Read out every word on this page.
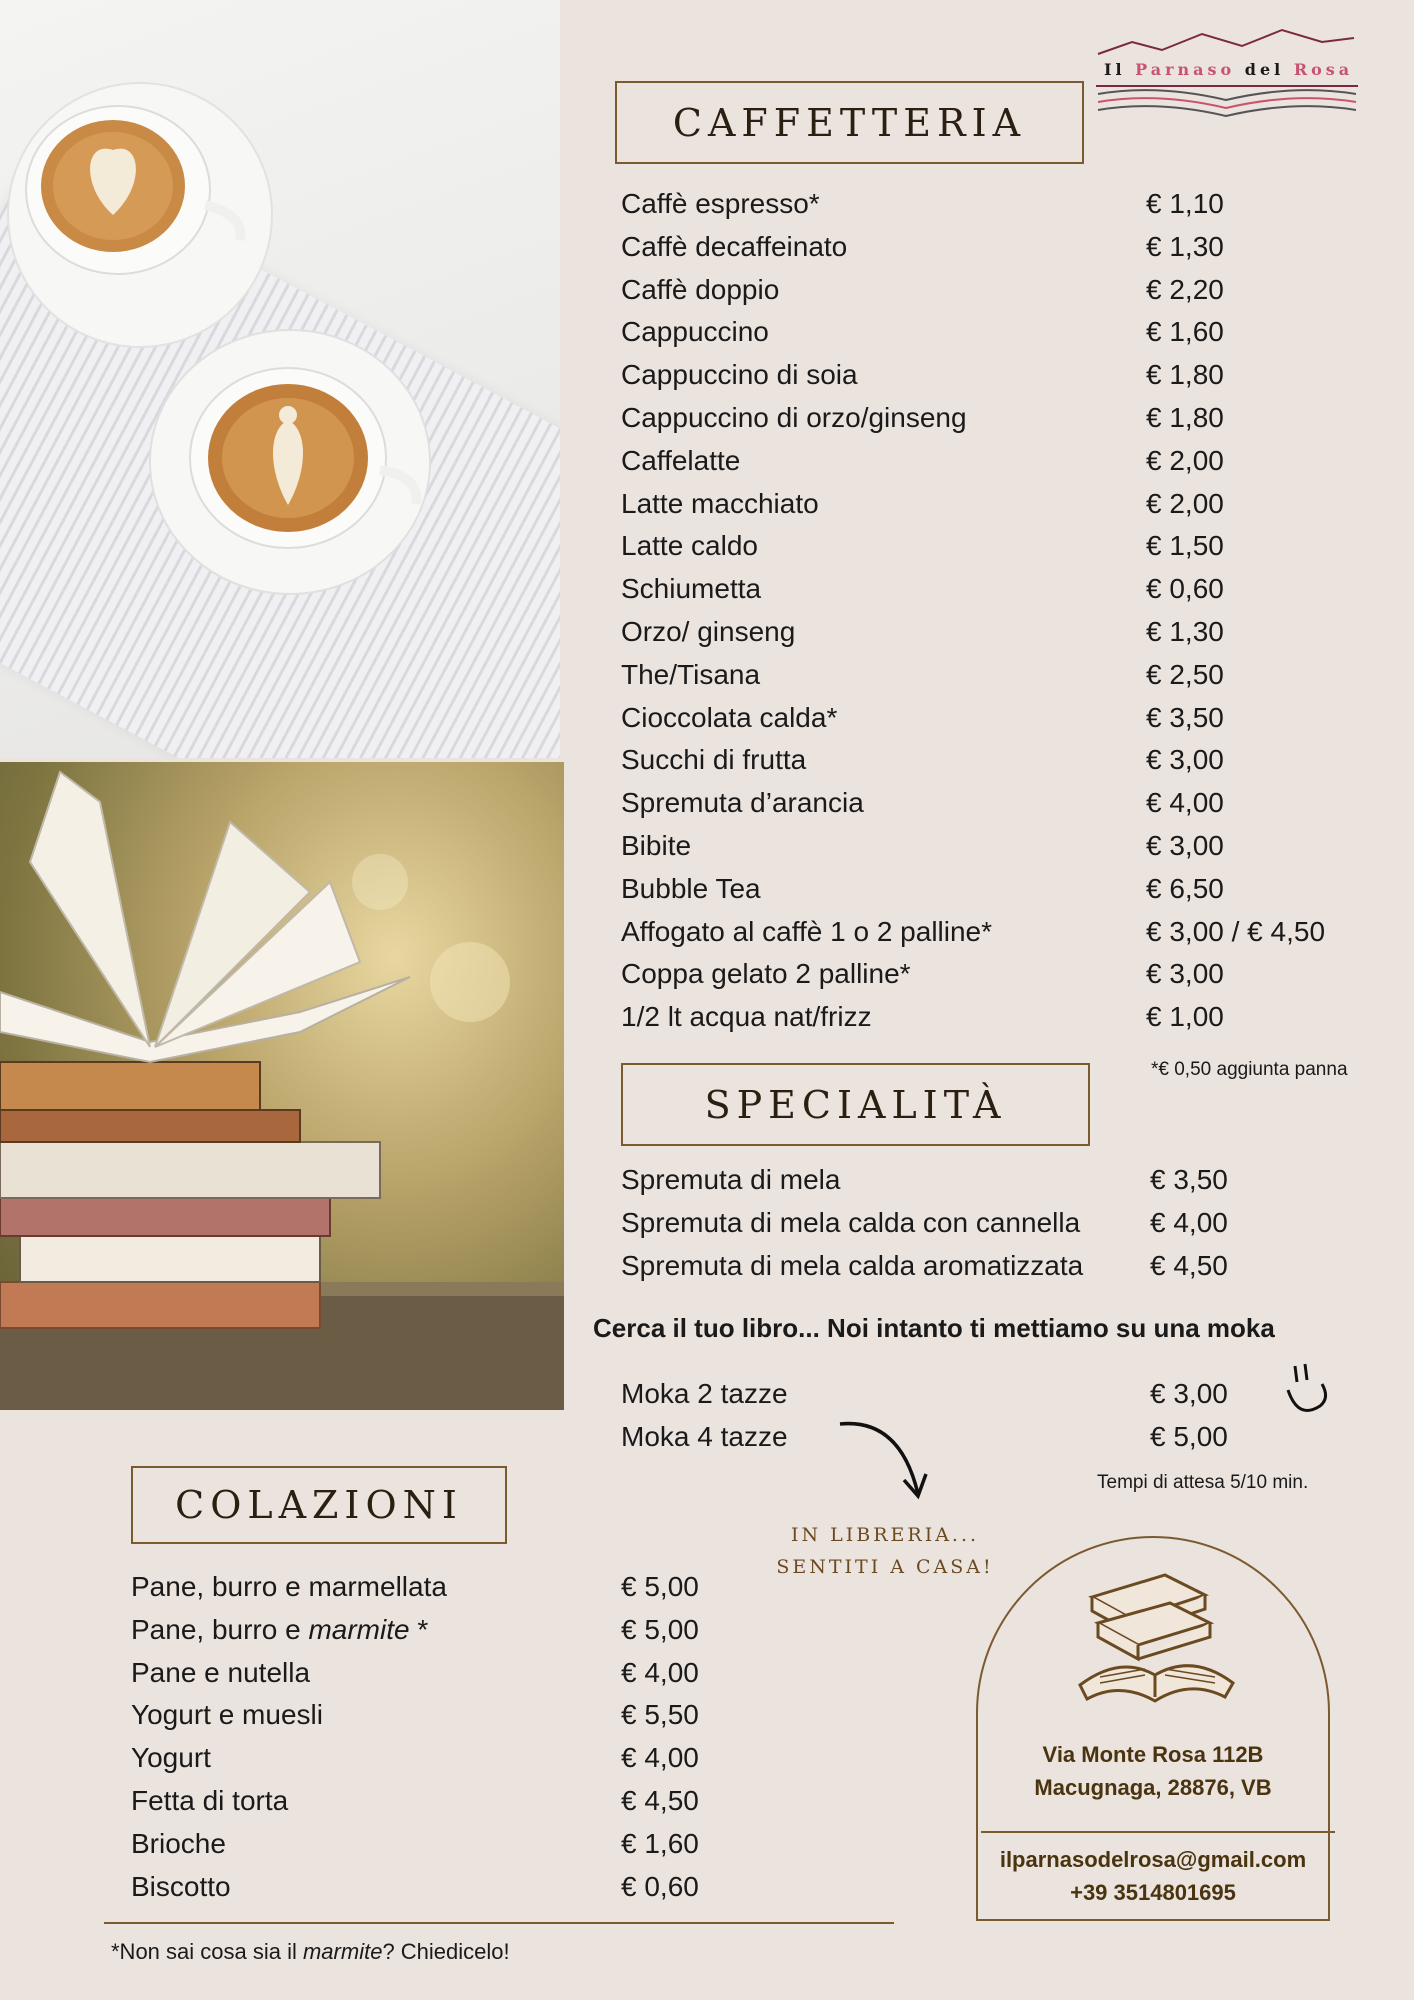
Il Parnaso del Rosa
CAFFETTERIA
Caffè espresso*	€ 1,10
Caffè decaffeinato	€ 1,30
Caffè doppio	€ 2,20
Cappuccino	€ 1,60
Cappuccino di soia	€ 1,80
Cappuccino di orzo/ginseng	€ 1,80
Caffelatte	€ 2,00
Latte macchiato	€ 2,00
Latte caldo	€ 1,50
Schiumetta	€ 0,60
Orzo/ ginseng	€ 1,30
The/Tisana	€ 2,50
Cioccolata calda*	€ 3,50
Succhi di frutta	€ 3,00
Spremuta d’arancia	€ 4,00
Bibite	€ 3,00
Bubble Tea	€ 6,50
Affogato al caffè 1 o 2 palline*	€ 3,00 / € 4,50
Coppa gelato 2 palline*	€ 3,00
1/2 lt acqua nat/frizz	€ 1,00
*€ 0,50 aggiunta panna
SPECIALITÀ
Spremuta di mela	€ 3,50
Spremuta di mela calda con cannella € 4,00
Spremuta di mela calda aromatizzata € 4,50
Cerca il tuo libro... Noi intanto ti mettiamo su una moka
Moka 2 tazze	€ 3,00
Moka 4 tazze	€ 5,00
Tempi di attesa 5/10 min.
IN LIBRERIA...
SENTITI A CASA!
COLAZIONI
Pane, burro e marmellata	€ 5,00
Pane, burro e marmite *	€ 5,00
Pane e nutella	€ 4,00
Yogurt e muesli	€ 5,50
Yogurt	€ 4,00
Fetta di torta	€ 4,50
Brioche	€ 1,60
Biscotto	€ 0,60
*Non sai cosa sia il marmite? Chiedicelo!
Via Monte Rosa 112B
Macugnaga, 28876, VB
ilparnasodelrosa@gmail.com
+39 3514801695
